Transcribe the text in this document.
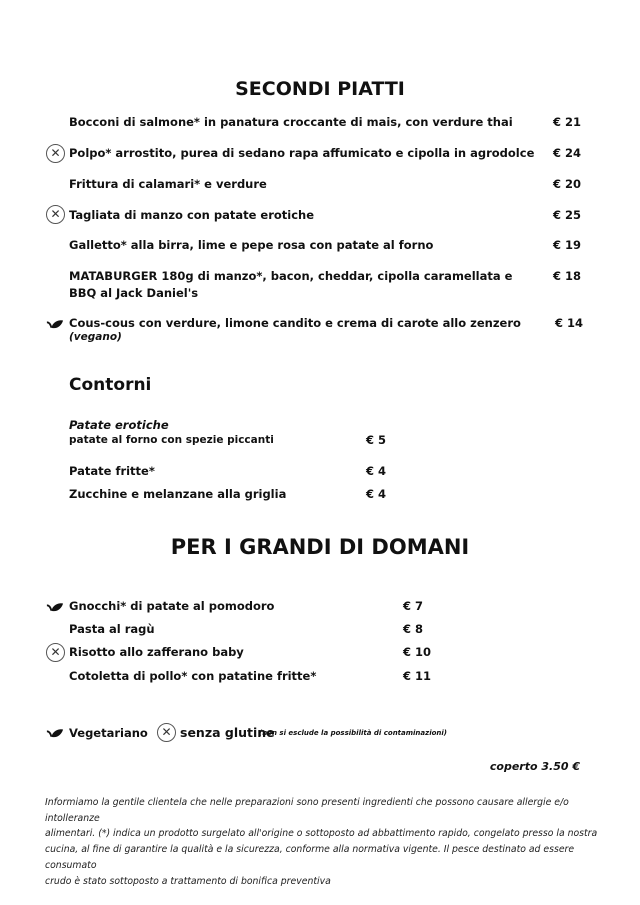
SECONDI PIATTI
Bocconi di salmone* in panatura croccante di mais, con verdure thai	€ 21
✕ Polpo* arrostito, purea di sedano rapa affumicato e cipolla in agrodolce € 24
Frittura di calamari* e verdure	€ 20
✕ Tagliata di manzo con patate erotiche	€ 25
Galletto* alla birra, lime e pepe rosa con patate al forno	€ 19
MATABURGER 180g di manzo*, bacon, cheddar, cipolla caramellata e
BBQ al Jack Daniel's
€ 18
Cous-cous con verdure, limone candito e crema di carote allo zenzero
(vegano)
€ 14
Contorni
Patate erotiche
patate al forno con spezie piccanti	€ 5
Patate fritte*	€ 4
Zucchine e melanzane alla griglia	€ 4
PER I GRANDI DI DOMANI
Gnocchi* di patate al pomodoro	€ 7
Pasta al ragù	€ 8
✕ Risotto allo zafferano baby	€ 10
Cotoletta di pollo* con patatine fritte*	€ 11
Vegetariano	✕ senza glutine
(non si esclude la possibilità di contaminazioni)
coperto 3.50 €
Informiamo la gentile clientela che nelle preparazioni sono presenti ingredienti che possono causare allergie e/o intolleranze
alimentari. (*) indica un prodotto surgelato all'origine o sottoposto ad abbattimento rapido, congelato presso la nostra
cucina, al fine di garantire la qualità e la sicurezza, conforme alla normativa vigente. Il pesce destinato ad essere consumato
crudo è stato sottoposto a trattamento di bonifica preventiva
